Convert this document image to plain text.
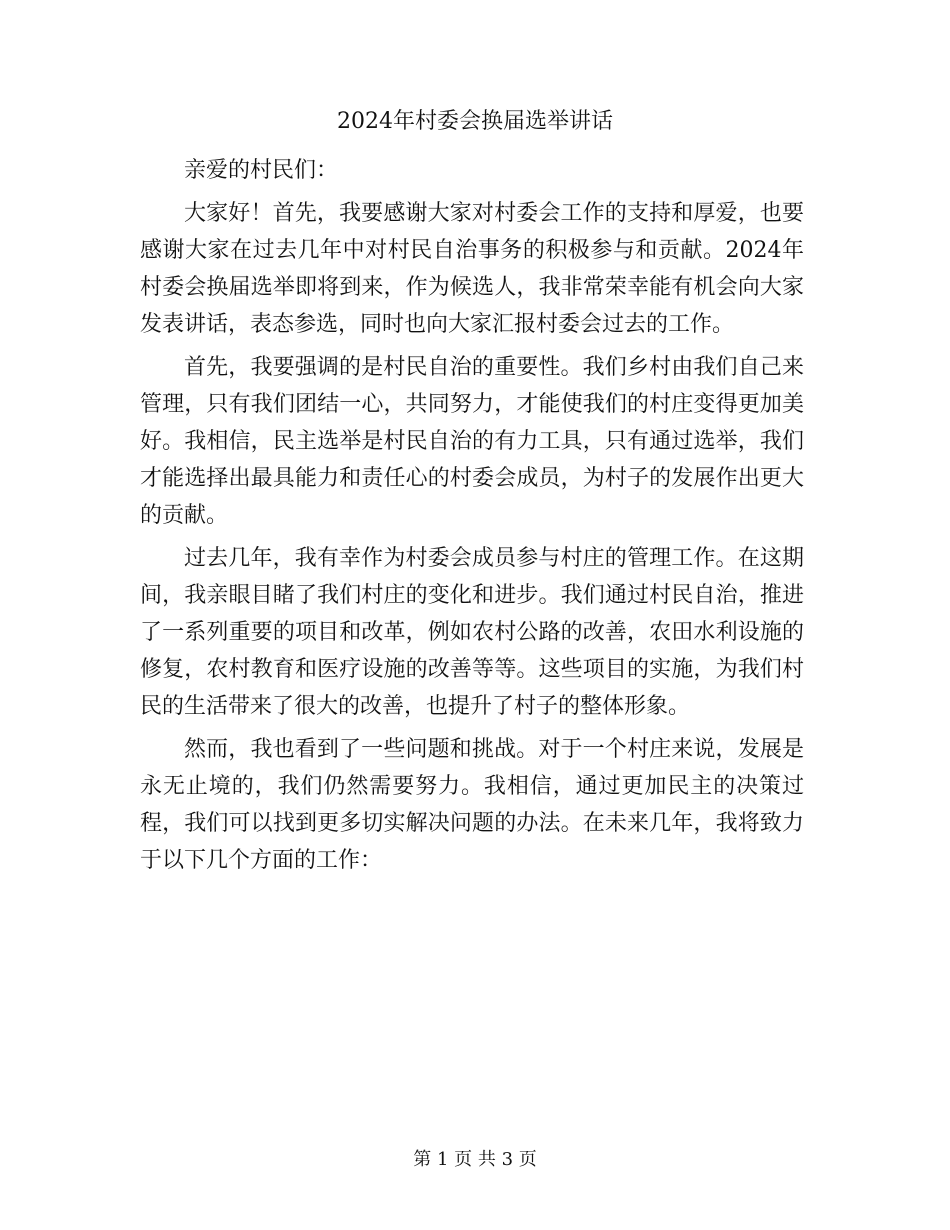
2024年村委会换届选举讲话

亲爱的村民们：

大家好！首先，我要感谢大家对村委会工作的支持和厚爱，也要感谢大家在过去几年中对村民自治事务的积极参与和贡献。2024年村委会换届选举即将到来，作为候选人，我非常荣幸能有机会向大家发表讲话，表态参选，同时也向大家汇报村委会过去的工作。

首先，我要强调的是村民自治的重要性。我们乡村由我们自己来管理，只有我们团结一心，共同努力，才能使我们的村庄变得更加美好。我相信，民主选举是村民自治的有力工具，只有通过选举，我们才能选择出最具能力和责任心的村委会成员，为村子的发展作出更大的贡献。

过去几年，我有幸作为村委会成员参与村庄的管理工作。在这期间，我亲眼目睹了我们村庄的变化和进步。我们通过村民自治，推进了一系列重要的项目和改革，例如农村公路的改善，农田水利设施的修复，农村教育和医疗设施的改善等等。这些项目的实施，为我们村民的生活带来了很大的改善，也提升了村子的整体形象。

然而，我也看到了一些问题和挑战。对于一个村庄来说，发展是永无止境的，我们仍然需要努力。我相信，通过更加民主的决策过程，我们可以找到更多切实解决问题的办法。在未来几年，我将致力于以下几个方面的工作：

第 1 页 共 3 页
